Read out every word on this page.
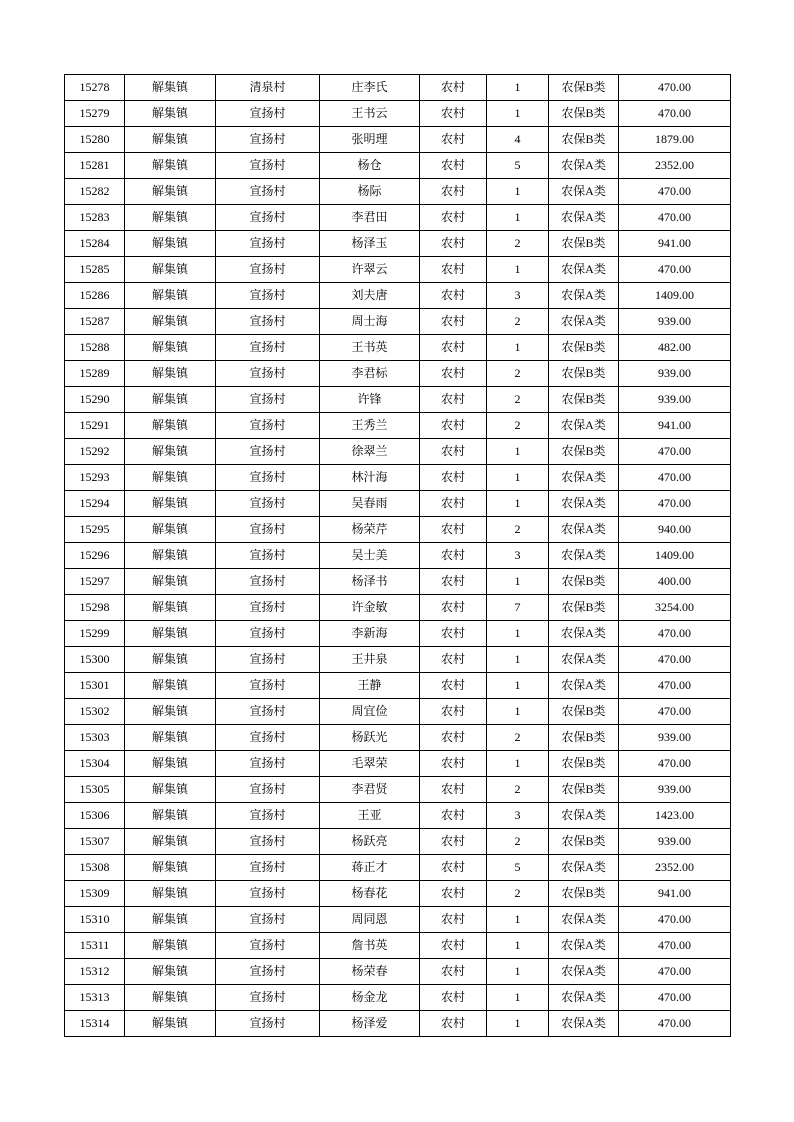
15278	解集镇	清泉村	庄李氏	农村	1	农保B类	470.00
15279	解集镇	宣扬村	王书云	农村	1	农保B类	470.00
15280	解集镇	宣扬村	张明理	农村	4	农保B类	1879.00
15281	解集镇	宣扬村	杨仓	农村	5	农保A类	2352.00
15282	解集镇	宣扬村	杨际	农村	1	农保A类	470.00
15283	解集镇	宣扬村	李君田	农村	1	农保A类	470.00
15284	解集镇	宣扬村	杨泽玉	农村	2	农保B类	941.00
15285	解集镇	宣扬村	许翠云	农村	1	农保A类	470.00
15286	解集镇	宣扬村	刘夫唐	农村	3	农保A类	1409.00
15287	解集镇	宣扬村	周士海	农村	2	农保A类	939.00
15288	解集镇	宣扬村	王书英	农村	1	农保B类	482.00
15289	解集镇	宣扬村	李君标	农村	2	农保B类	939.00
15290	解集镇	宣扬村	许锋	农村	2	农保B类	939.00
15291	解集镇	宣扬村	王秀兰	农村	2	农保A类	941.00
15292	解集镇	宣扬村	徐翠兰	农村	1	农保B类	470.00
15293	解集镇	宣扬村	林汁海	农村	1	农保A类	470.00
15294	解集镇	宣扬村	吴春雨	农村	1	农保A类	470.00
15295	解集镇	宣扬村	杨荣芹	农村	2	农保A类	940.00
15296	解集镇	宣扬村	吴士美	农村	3	农保A类	1409.00
15297	解集镇	宣扬村	杨泽书	农村	1	农保B类	400.00
15298	解集镇	宣扬村	许金敏	农村	7	农保B类	3254.00
15299	解集镇	宣扬村	李新海	农村	1	农保A类	470.00
15300	解集镇	宣扬村	王井泉	农村	1	农保A类	470.00
15301	解集镇	宣扬村	王静	农村	1	农保A类	470.00
15302	解集镇	宣扬村	周宜俭	农村	1	农保B类	470.00
15303	解集镇	宣扬村	杨跃光	农村	2	农保B类	939.00
15304	解集镇	宣扬村	毛翠荣	农村	1	农保B类	470.00
15305	解集镇	宣扬村	李君贤	农村	2	农保B类	939.00
15306	解集镇	宣扬村	王亚	农村	3	农保A类	1423.00
15307	解集镇	宣扬村	杨跃亮	农村	2	农保B类	939.00
15308	解集镇	宣扬村	蒋正才	农村	5	农保A类	2352.00
15309	解集镇	宣扬村	杨春花	农村	2	农保B类	941.00
15310	解集镇	宣扬村	周同恩	农村	1	农保A类	470.00
15311	解集镇	宣扬村	詹书英	农村	1	农保A类	470.00
15312	解集镇	宣扬村	杨荣春	农村	1	农保A类	470.00
15313	解集镇	宣扬村	杨金龙	农村	1	农保A类	470.00
15314	解集镇	宣扬村	杨泽爱	农村	1	农保A类	470.00
